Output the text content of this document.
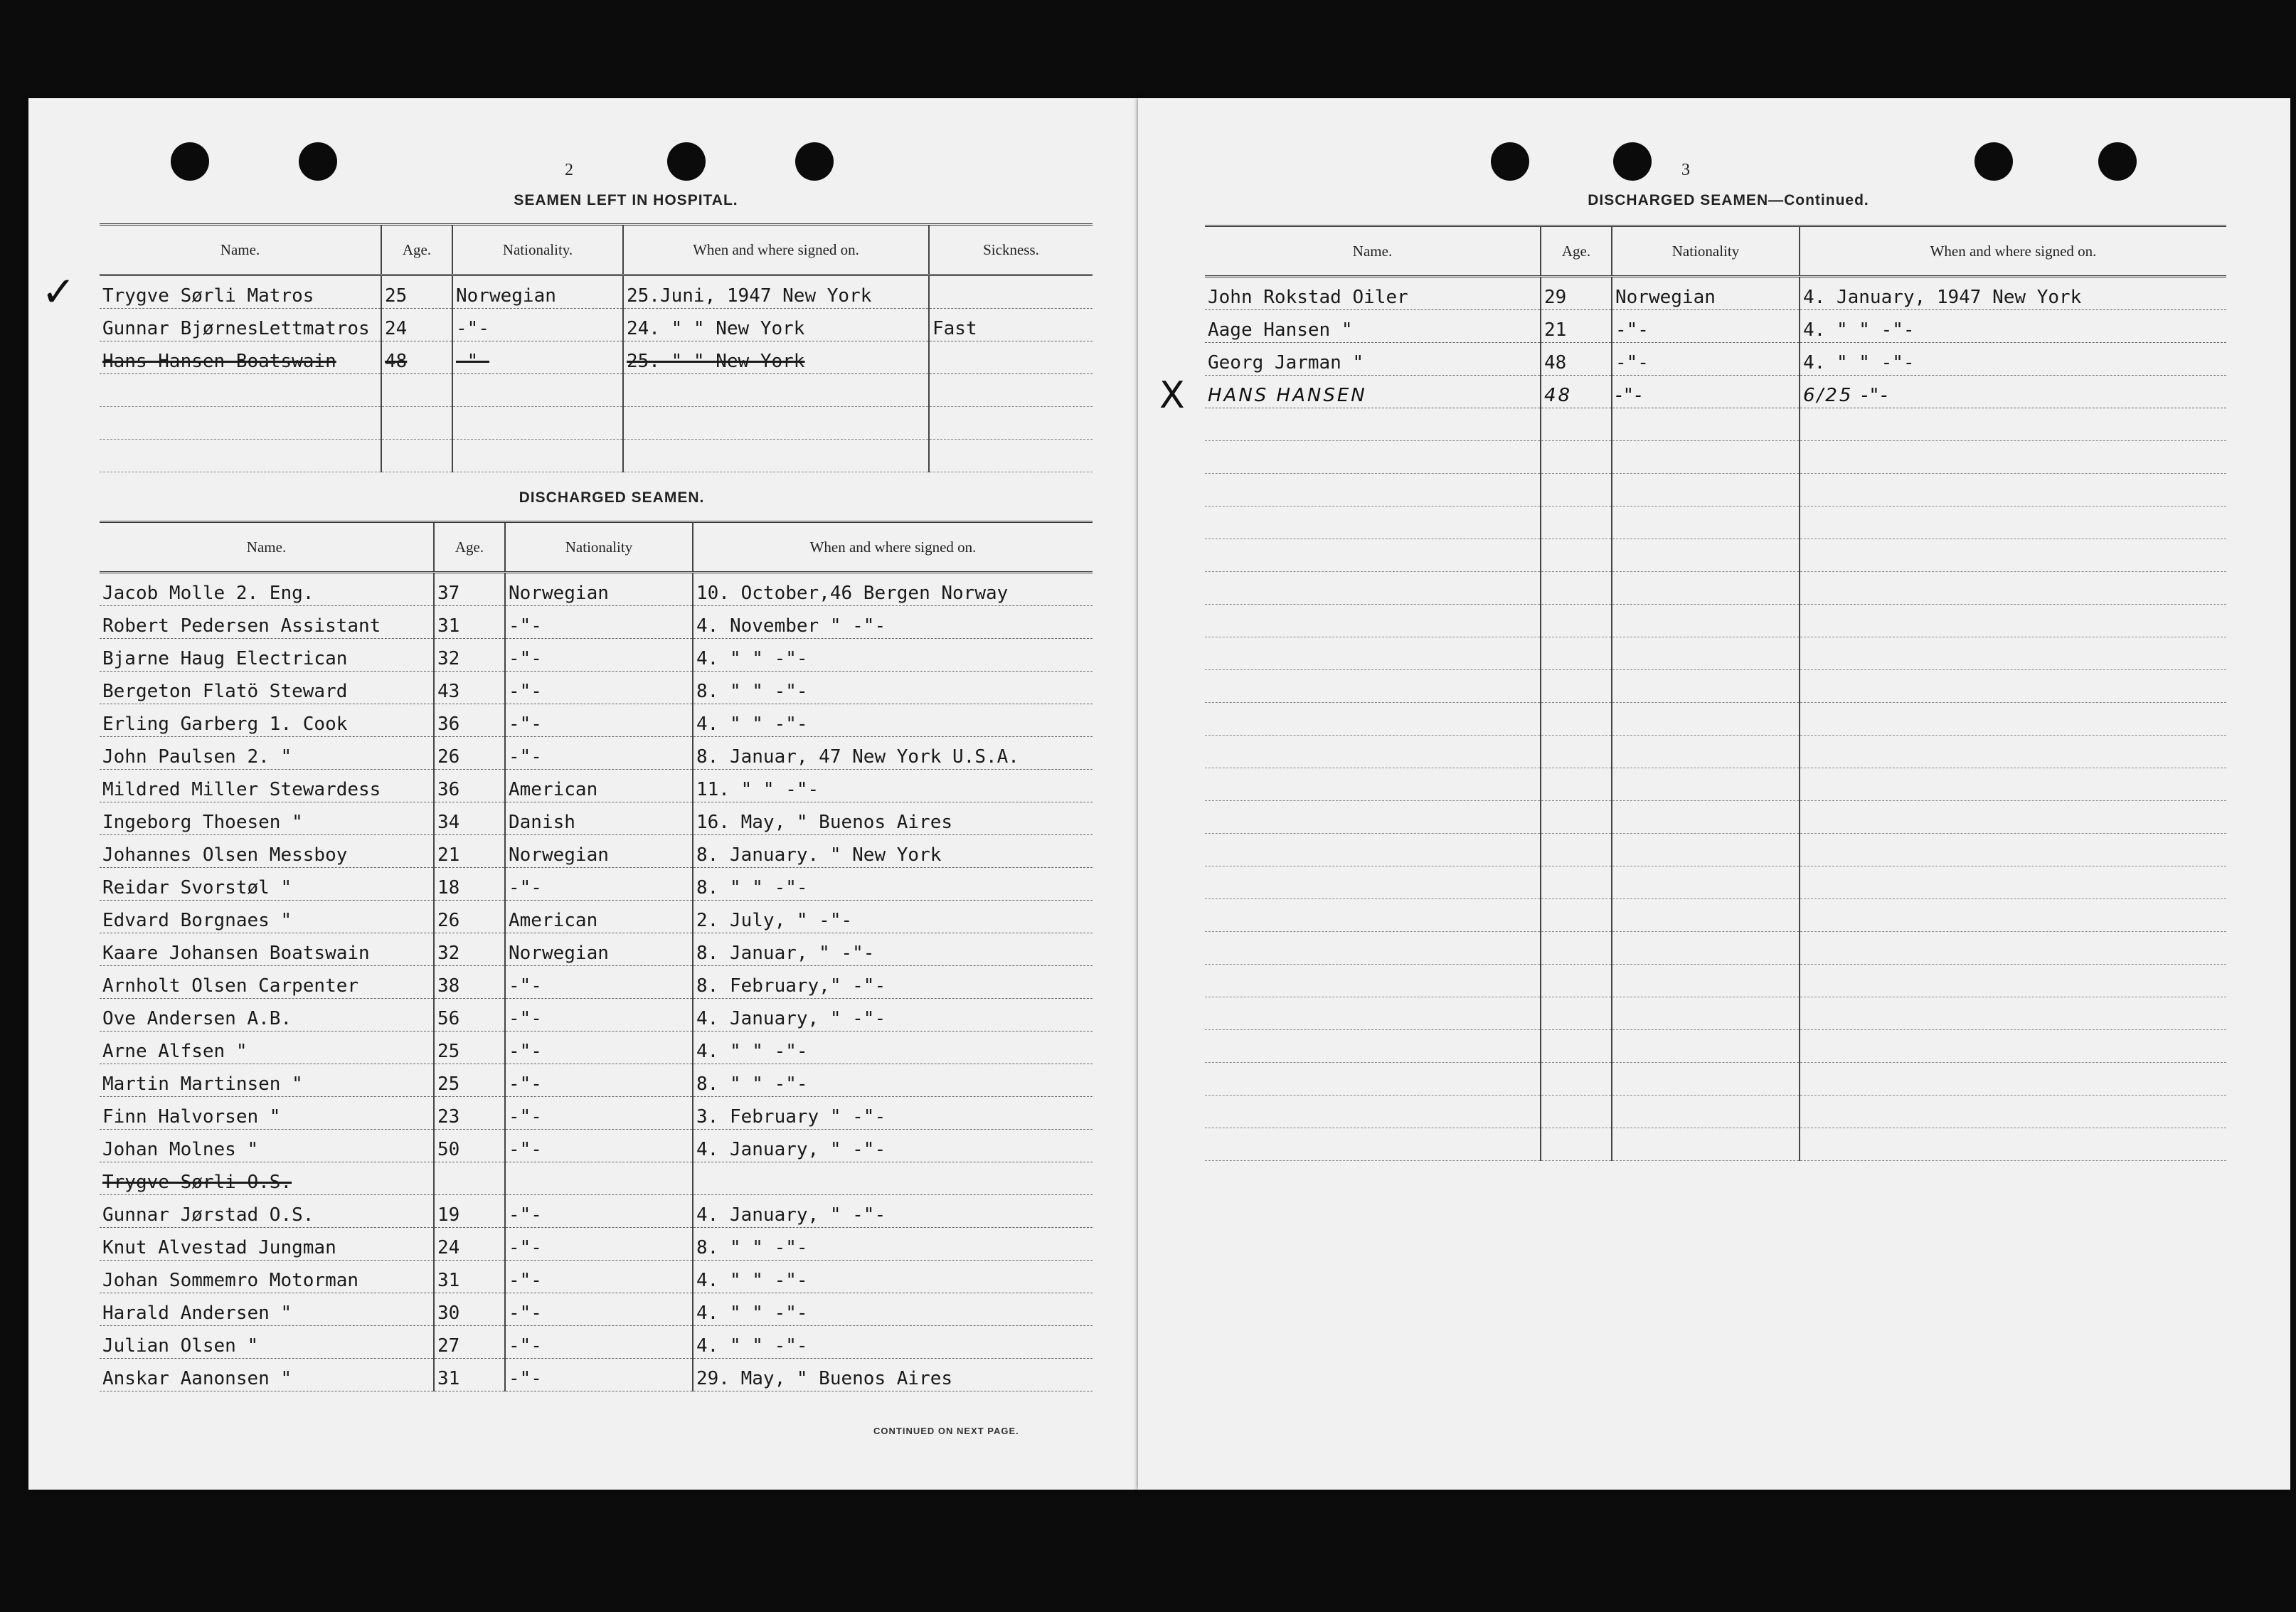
2
SEAMEN LEFT IN HOSPITAL.
✓
Name.	Age.	Nationality.	When and where signed on.	Sickness.
Trygve Sørli Matros	25	Norwegian	25.Juni, 1947 New York	
Gunnar BjørnesLettmatros	24	-"-	24. " " New York	Fast
Hans Hansen Boatswain	48	-"-	25. " " New York	

DISCHARGED SEAMEN.
Name.	Age.	Nationality	When and where signed on.
Jacob Molle 2. Eng.	37	Norwegian	10. October,46 Bergen Norway
Robert Pedersen Assistant	31	-"-	4. November " -"-
Bjarne Haug Electrican	32	-"-	4. " " -"-
Bergeton Flatö Steward	43	-"-	8. " " -"-
Erling Garberg 1. Cook	36	-"-	4. " " -"-
John Paulsen 2. "	26	-"-	8. Januar, 47 New York U.S.A.
Mildred Miller Stewardess	36	American	11. " " -"-
Ingeborg Thoesen "	34	Danish	16. May, " Buenos Aires
Johannes Olsen Messboy	21	Norwegian	8. January. " New York
Reidar Svorstøl "	18	-"-	8. " " -"-
Edvard Borgnaes "	26	American	2. July, " -"-
Kaare Johansen Boatswain	32	Norwegian	8. Januar, " -"-
Arnholt Olsen Carpenter	38	-"-	8. February," -"-
Ove Andersen A.B.	56	-"-	4. January, " -"-
Arne Alfsen "	25	-"-	4. " " -"-
Martin Martinsen "	25	-"-	8. " " -"-
Finn Halvorsen "	23	-"-	3. February " -"-
Johan Molnes "	50	-"-	4. January, " -"-
Trygve Sørli O.S.			
Gunnar Jørstad O.S.	19	-"-	4. January, " -"-
Knut Alvestad Jungman	24	-"-	8. " " -"-
Johan Sommemro Motorman	31	-"-	4. " " -"-
Harald Andersen "	30	-"-	4. " " -"-
Julian Olsen "	27	-"-	4. " " -"-
Anskar Aanonsen "	31	-"-	29. May, " Buenos Aires
CONTINUED ON NEXT PAGE.
3
DISCHARGED SEAMEN—Continued.
X
Name.	Age.	Nationality	When and where signed on.
John Rokstad Oiler	29	Norwegian	4. January, 1947 New York
Aage Hansen "	21	-"-	4. " " -"-
Georg Jarman "	48	-"-	4. " " -"-
HANS HANSEN	48	-"-	6/25 -"-
